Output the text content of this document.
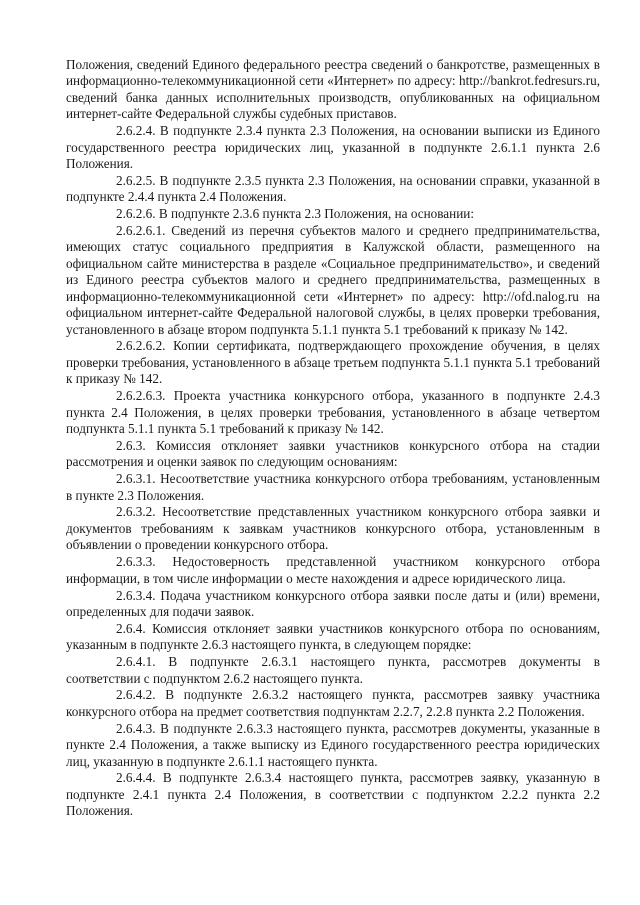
Положения, сведений Единого федерального реестра сведений о банкротстве, размещенных в информационно-телекоммуникационной сети «Интернет» по адресу: http://bankrot.fedresurs.ru, сведений банка данных исполнительных производств, опубликованных на официальном интернет-сайте Федеральной службы судебных приставов.

2.6.2.4. В подпункте 2.3.4 пункта 2.3 Положения, на основании выписки из Единого государственного реестра юридических лиц, указанной в подпункте 2.6.1.1 пункта 2.6 Положения.

2.6.2.5. В подпункте 2.3.5 пункта 2.3 Положения, на основании справки, указанной в подпункте 2.4.4 пункта 2.4 Положения.

2.6.2.6. В подпункте 2.3.6 пункта 2.3 Положения, на основании:

2.6.2.6.1. Сведений из перечня субъектов малого и среднего предпринимательства, имеющих статус социального предприятия в Калужской области, размещенного на официальном сайте министерства в разделе «Социальное предпринимательство», и сведений из Единого реестра субъектов малого и среднего предпринимательства, размещенных в информационно-телекоммуникационной сети «Интернет» по адресу: http://ofd.nalog.ru на официальном интернет-сайте Федеральной налоговой службы, в целях проверки требования, установленного в абзаце втором подпункта 5.1.1 пункта 5.1 требований к приказу № 142.

2.6.2.6.2. Копии сертификата, подтверждающего прохождение обучения, в целях проверки требования, установленного в абзаце третьем подпункта 5.1.1 пункта 5.1 требований к приказу № 142.

2.6.2.6.3. Проекта участника конкурсного отбора, указанного в подпункте 2.4.3 пункта 2.4 Положения, в целях проверки требования, установленного в абзаце четвертом подпункта 5.1.1 пункта 5.1 требований к приказу № 142.

2.6.3. Комиссия отклоняет заявки участников конкурсного отбора на стадии рассмотрения и оценки заявок по следующим основаниям:

2.6.3.1. Несоответствие участника конкурсного отбора требованиям, установленным в пункте 2.3 Положения.

2.6.3.2. Несоответствие представленных участником конкурсного отбора заявки и документов требованиям к заявкам участников конкурсного отбора, установленным в объявлении о проведении конкурсного отбора.

2.6.3.3. Недостоверность представленной участником конкурсного отбора информации, в том числе информации о месте нахождения и адресе юридического лица.

2.6.3.4. Подача участником конкурсного отбора заявки после даты и (или) времени, определенных для подачи заявок.

2.6.4. Комиссия отклоняет заявки участников конкурсного отбора по основаниям, указанным в подпункте 2.6.3 настоящего пункта, в следующем порядке:

2.6.4.1. В подпункте 2.6.3.1 настоящего пункта, рассмотрев документы в соответствии с подпунктом 2.6.2 настоящего пункта.

2.6.4.2. В подпункте 2.6.3.2 настоящего пункта, рассмотрев заявку участника конкурсного отбора на предмет соответствия подпунктам 2.2.7, 2.2.8 пункта 2.2 Положения.

2.6.4.3. В подпункте 2.6.3.3 настоящего пункта, рассмотрев документы, указанные в пункте 2.4 Положения, а также выписку из Единого государственного реестра юридических лиц, указанную в подпункте 2.6.1.1 настоящего пункта.

2.6.4.4. В подпункте 2.6.3.4 настоящего пункта, рассмотрев заявку, указанную в подпункте 2.4.1 пункта 2.4 Положения, в соответствии с подпунктом 2.2.2 пункта 2.2 Положения.
